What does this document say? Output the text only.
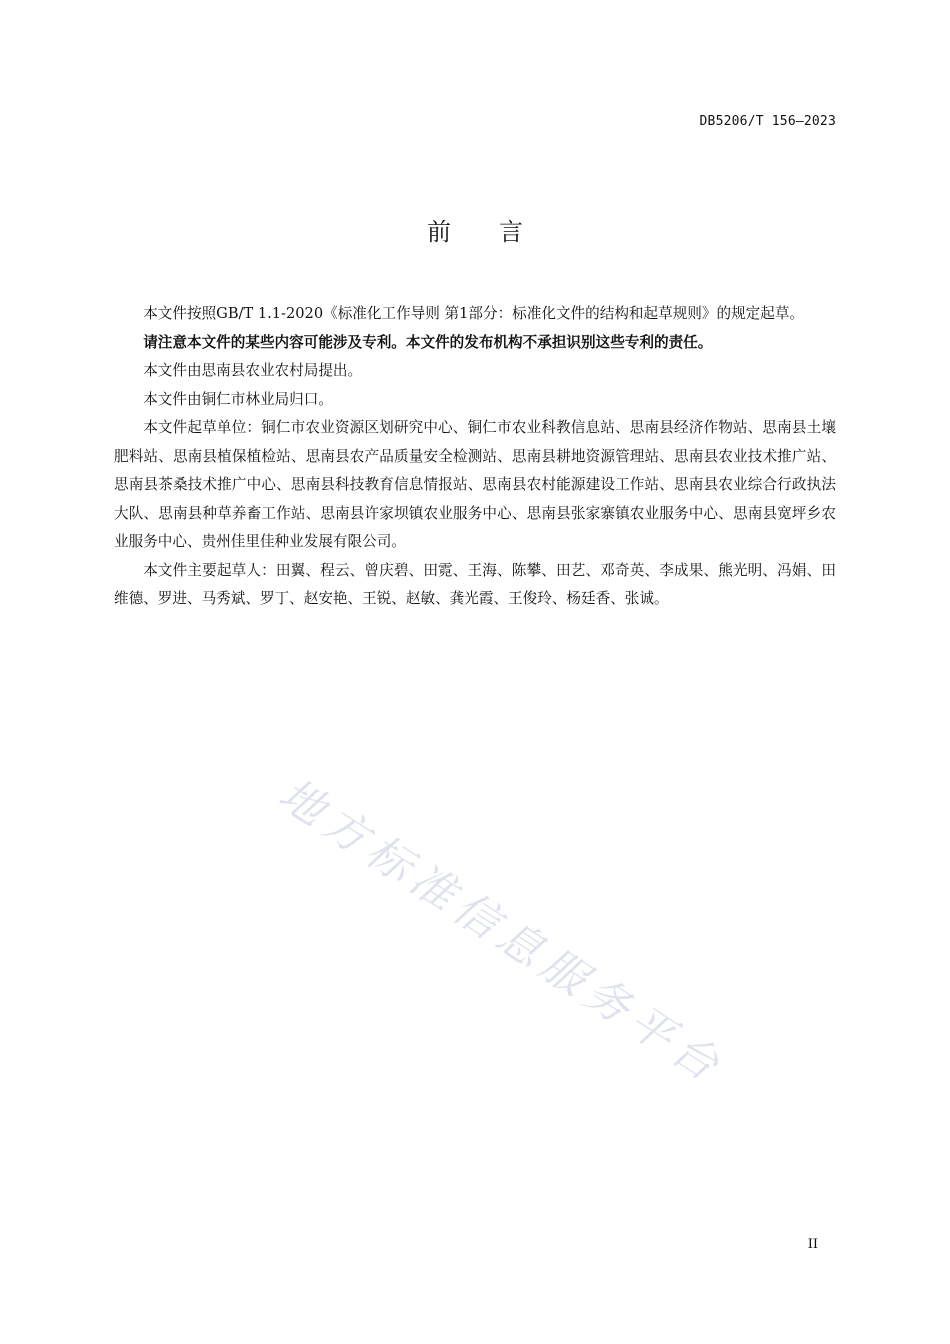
DB5206/T 156—2023
前言

本文件按照GB/T 1.1-2020《标准化工作导则 第1部分：标准化文件的结构和起草规则》的规定起草。

请注意本文件的某些内容可能涉及专利。本文件的发布机构不承担识别这些专利的责任。

本文件由思南县农业农村局提出。

本文件由铜仁市林业局归口。

本文件起草单位：铜仁市农业资源区划研究中心、铜仁市农业科教信息站、思南县经济作物站、思南县土壤肥料站、思南县植保植检站、思南县农产品质量安全检测站、思南县耕地资源管理站、思南县农业技术推广站、思南县茶桑技术推广中心、思南县科技教育信息情报站、思南县农村能源建设工作站、思南县农业综合行政执法大队、思南县种草养畜工作站、思南县许家坝镇农业服务中心、思南县张家寨镇农业服务中心、思南县宽坪乡农业服务中心、贵州佳里佳种业发展有限公司。

本文件主要起草人：田翼、程云、曾庆碧、田霓、王海、陈攀、田艺、邓奇英、李成果、熊光明、冯娟、田维德、罗进、马秀斌、罗丁、赵安艳、王锐、赵敏、龚光霞、王俊玲、杨廷香、张诚。

地方标准信息服务平台
II
